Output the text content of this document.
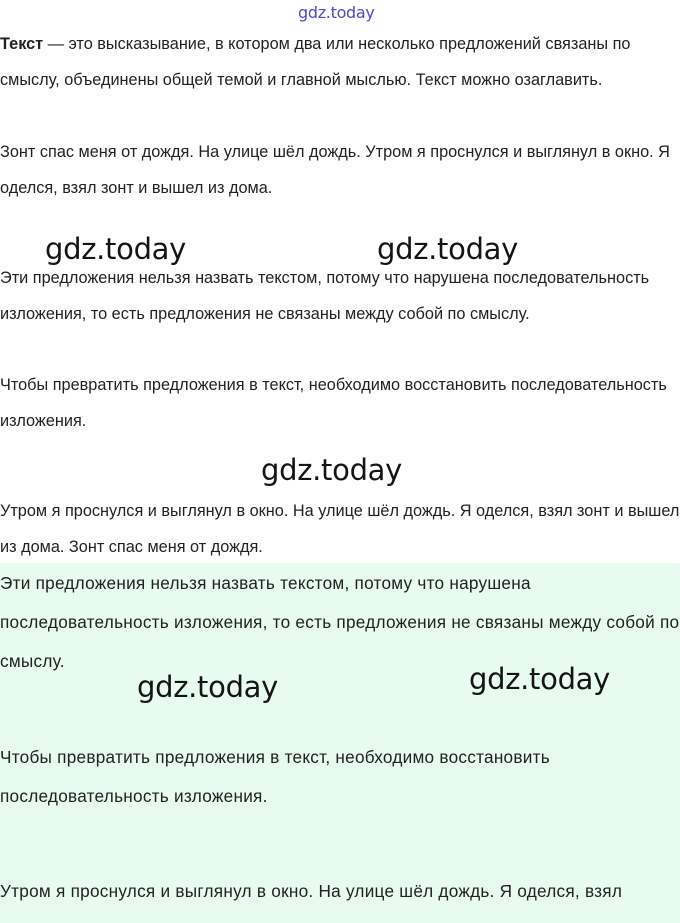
gdz.today

Текст — это высказывание, в котором два или несколько предложений связаны по смыслу, объединены общей темой и главной мыслью. Текст можно озаглавить.

Зонт спас меня от дождя. На улице шёл дождь. Утром я проснулся и выглянул в окно. Я оделся, взял зонт и вышел из дома.

gdz.today	gdz.today

Эти предложения нельзя назвать текстом, потому что нарушена последовательность изложения, то есть предложения не связаны между собой по смыслу.

Чтобы превратить предложения в текст, необходимо восстановить последовательность изложения.

gdz.today

Утром я проснулся и выглянул в окно. На улице шёл дождь. Я оделся, взял зонт и вышел из дома. Зонт спас меня от дождя.

Эти предложения нельзя назвать текстом, потому что нарушена последовательность изложения, то есть предложения не связаны между собой по смыслу.

gdz.today	gdz.today

Чтобы превратить предложения в текст, необходимо восстановить последовательность изложения.

Утром я проснулся и выглянул в окно. На улице шёл дождь. Я оделся, взял
